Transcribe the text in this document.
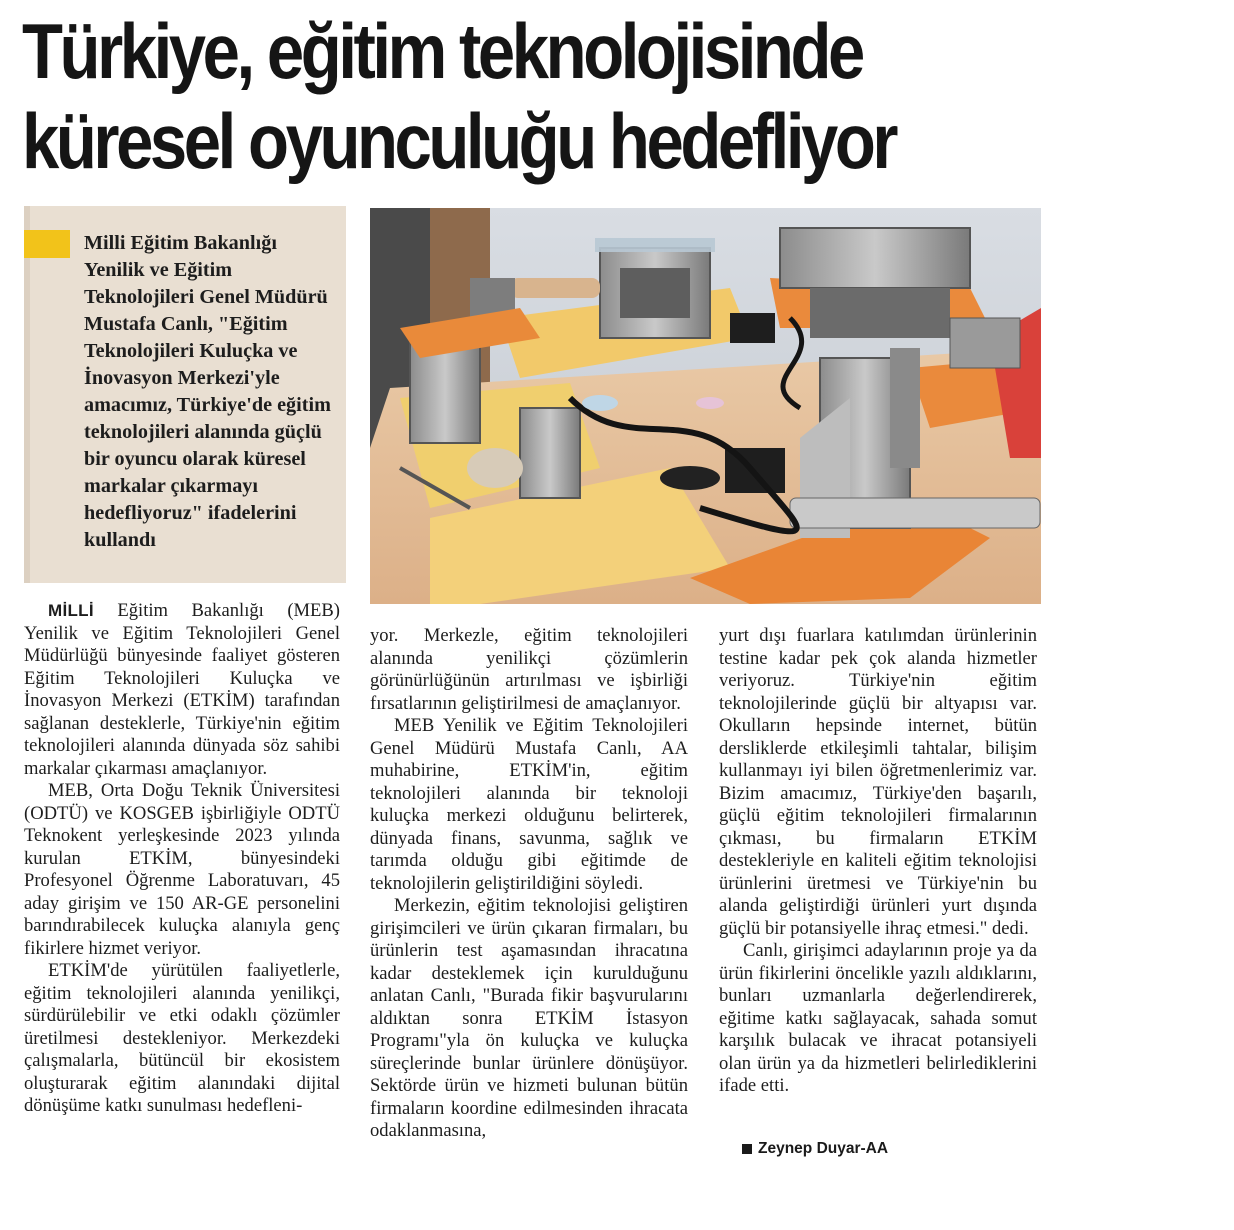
Türkiye, eğitim teknolojisinde
küresel oyunculuğu hedefliyor
Milli Eğitim Bakanlığı Yenilik ve Eğitim Teknolojileri Genel Müdürü Mustafa Canlı, "Eğitim Teknolojileri Kuluçka ve İnovasyon Merkezi'yle amacımız, Türkiye'de eğitim teknolojileri alanında güçlü bir oyuncu olarak küresel markalar çıkarmayı hedefliyoruz" ifadelerini kullandı

MİLLİ Eğitim Bakanlığı (MEB) Yenilik ve Eğitim Teknolojileri Genel Müdürlüğü bünyesinde faaliyet gösteren Eğitim Teknolojileri Kuluçka ve İnovasyon Merkezi (ETKİM) tarafından sağlanan desteklerle, Türkiye'nin eğitim teknolojileri alanında dünyada söz sahibi markalar çıkarması amaçlanıyor.

MEB, Orta Doğu Teknik Üniversitesi (ODTÜ) ve KOSGEB işbirliğiyle ODTÜ Teknokent yerleşkesinde 2023 yılında kurulan ETKİM, bünyesindeki Profesyonel Öğrenme Laboratuvarı, 45 aday girişim ve 150 AR-GE personelini barındırabilecek kuluçka alanıyla genç fikirlere hizmet veriyor.

ETKİM'de yürütülen faaliyetlerle, eğitim teknolojileri alanında yenilikçi, sürdürülebilir ve etki odaklı çözümler üretilmesi destekleniyor. Merkezdeki çalışmalarla, bütüncül bir ekosistem oluşturarak eğitim alanındaki dijital dönüşüme katkı sunulması hedefleni-

yor. Merkezle, eğitim teknolojileri alanında yenilikçi çözümlerin görünürlüğünün artırılması ve işbirliği fırsatlarının geliştirilmesi de amaçlanıyor.

MEB Yenilik ve Eğitim Teknolojileri Genel Müdürü Mustafa Canlı, AA muhabirine, ETKİM'in, eğitim teknolojileri alanında bir teknoloji kuluçka merkezi olduğunu belirterek, dünyada finans, savunma, sağlık ve tarımda olduğu gibi eğitimde de teknolojilerin geliştirildiğini söyledi.

Merkezin, eğitim teknolojisi geliştiren girişimcileri ve ürün çıkaran firmaları, bu ürünlerin test aşamasından ihracatına kadar desteklemek için kurulduğunu anlatan Canlı, "Burada fikir başvurularını aldıktan sonra ETKİM İstasyon Programı"yla ön kuluçka ve kuluçka süreçlerinde bunlar ürünlere dönüşüyor. Sektörde ürün ve hizmeti bulunan bütün firmaların koordine edilmesinden ihracata odaklanmasına,

yurt dışı fuarlara katılımdan ürünlerinin testine kadar pek çok alanda hizmetler veriyoruz. Türkiye'nin eğitim teknolojilerinde güçlü bir altyapısı var. Okulların hepsinde internet, bütün dersliklerde etkileşimli tahtalar, bilişim kullanmayı iyi bilen öğretmenlerimiz var. Bizim amacımız, Türkiye'den başarılı, güçlü eğitim teknolojileri firmalarının çıkması, bu firmaların ETKİM destekleriyle en kaliteli eğitim teknolojisi ürünlerini üretmesi ve Türkiye'nin bu alanda geliştirdiği ürünleri yurt dışında güçlü bir potansiyelle ihraç etmesi." dedi.

Canlı, girişimci adaylarının proje ya da ürün fikirlerini öncelikle yazılı aldıklarını, bunları uzmanlarla değerlendirerek, eğitime katkı sağlayacak, sahada somut karşılık bulacak ve ihracat potansiyeli olan ürün ya da hizmetleri belirlediklerini ifade etti.

Zeynep Duyar-AA
